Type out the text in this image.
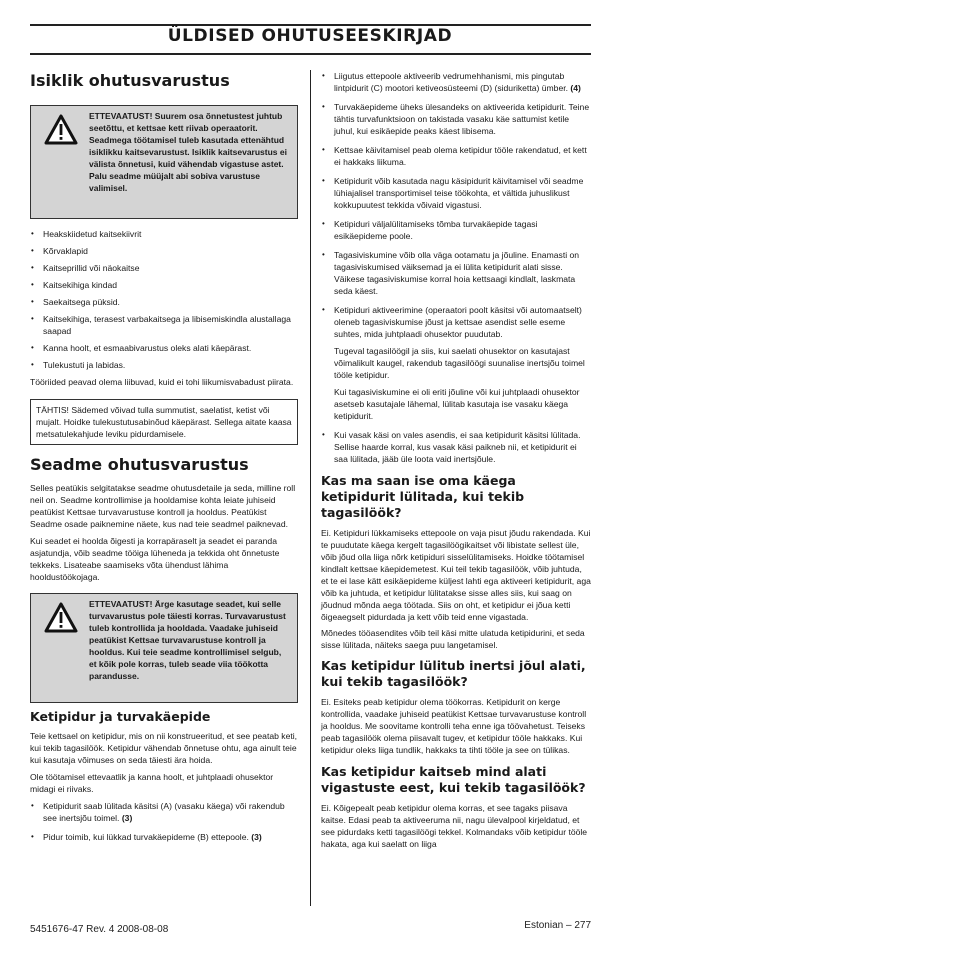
ÜLDISED OHUTUSEESKIRJAD
Isiklik ohutusvarustus
ETTEVAATUST! Suurem osa õnnetustest juhtub seetõttu, et kettsae kett riivab operaatorit. Seadmega töötamisel tuleb kasutada ettenähtud isiklikku kaitsevarustust. Isiklik kaitsevarustus ei välista õnnetusi, kuid vähendab vigastuse astet. Palu seadme müüjalt abi sobiva varustuse valimisel.
• Heakskiidetud kaitsekiivrit
• Kõrvaklapid
• Kaitseprillid või näokaitse
• Kaitsekihiga kindad
• Saekaitsega püksid.
• Kaitsekihiga, terasest varbakaitsega ja libisemiskindla alustallaga saapad
• Kanna hoolt, et esmaabivarustus oleks alati käepärast.
• Tulekustuti ja labidas.

Tööriided peavad olema liibuvad, kuid ei tohi liikumisvabadust piirata.

TÄHTIS! Sädemed võivad tulla summutist, saelatist, ketist või mujalt. Hoidke tulekustutusabinõud käepärast. Sellega aitate kaasa metsatulekahjude leviku pidurdamisele.
Seadme ohutusvarustus

Selles peatükis selgitatakse seadme ohutusdetaile ja seda, milline roll neil on. Seadme kontrollimise ja hooldamise kohta leiate juhiseid peatükist Kettsae turvavarustuse kontroll ja hooldus. Peatükist Seadme osade paiknemine näete, kus nad teie seadmel paiknevad.

Kui seadet ei hoolda õigesti ja korrapäraselt ja seadet ei paranda asjatundja, võib seadme tööiga lüheneda ja tekkida oht õnnetuste tekkeks. Lisateabe saamiseks võta ühendust lähima hooldustöökojaga.

ETTEVAATUST! Ärge kasutage seadet, kui selle turvavarustus pole täiesti korras. Turvavarustust tuleb kontrollida ja hooldada. Vaadake juhiseid peatükist Kettsae turvavarustuse kontroll ja hooldus. Kui teie seadme kontrollimisel selgub, et kõik pole korras, tuleb seade viia töökotta parandusse.
Ketipidur ja turvakäepide

Teie kettsael on ketipidur, mis on nii konstrueeritud, et see peatab keti, kui tekib tagasilöök. Ketipidur vähendab õnnetuse ohtu, aga ainult teie kui kasutaja võimuses on seda täiesti ära hoida.

Ole töötamisel ettevaatlik ja kanna hoolt, et juhtplaadi ohusektor midagi ei riivaks.

• Ketipidurit saab lülitada käsitsi (A) (vasaku käega) või rakendub see inertsjõu toimel. (3)
• Pidur toimib, kui lükkad turvakäepideme (B) ettepoole. (3)
• Liigutus ettepoole aktiveerib vedrumehhanismi, mis pingutab lintpidurit (C) mootori ketiveosüsteemi (D) (siduriketta) ümber. (4)
• Turvakäepideme üheks ülesandeks on aktiveerida ketipidurit. Teine tähtis turvafunktsioon on takistada vasaku käe sattumist ketile juhul, kui esikäepide peaks käest libisema.
• Kettsae käivitamisel peab olema ketipidur tööle rakendatud, et kett ei hakkaks liikuma.
• Ketipidurit võib kasutada nagu käsipidurit käivitamisel või seadme lühiajalisel transportimisel teise töökohta, et vältida juhuslikust kokkupuutest tekkida võivaid vigastusi.
• Ketipiduri väljalülitamiseks tõmba turvakäepide tagasi esikäepideme poole.
• Tagasiviskumine võib olla väga ootamatu ja jõuline. Enamasti on tagasiviskumised väiksemad ja ei lülita ketipidurit alati sisse. Väikese tagasiviskumise korral hoia kettsaagi kindlalt, laskmata seda käest.
• Ketipiduri aktiveerimine (operaatori poolt käsitsi või automaatselt) oleneb tagasiviskumise jõust ja kettsae asendist selle eseme suhtes, mida juhtplaadi ohusektor puudutab.

Tugeval tagasilöögil ja siis, kui saelati ohusektor on kasutajast võimalikult kaugel, rakendub tagasilöögi suunalise inertsjõu toimel tööle ketipidur.

Kui tagasiviskumine ei oli eriti jõuline või kui juhtplaadi ohusektor asetseb kasutajale lähemal, lülitab kasutaja ise vasaku käega ketipidurit.

• Kui vasak käsi on vales asendis, ei saa ketipidurit käsitsi lülitada. Sellise haarde korral, kus vasak käsi paikneb nii, et ketipidurit ei saa lülitada, jääb üle loota vaid inertsjõule.
Kas ma saan ise oma käega ketipidurit lülitada, kui tekib tagasilöök?

Ei. Ketipiduri lükkamiseks ettepoole on vaja pisut jõudu rakendada. Kui te puudutate käega kergelt tagasilöögikaitset või libistate sellest üle, võib jõud olla liiga nõrk ketipiduri sisselülitamiseks. Hoidke töötamisel kindlalt kettsae käepidemetest. Kui teil tekib tagasilöök, võib juhtuda, et te ei lase kätt esikäepideme küljest lahti ega aktiveeri ketipidurit, aga võib ka juhtuda, et ketipidur lülitatakse sisse alles siis, kui saag on jõudnud mõnda aega töötada. Siis on oht, et ketipidur ei jõua ketti õigeaegselt pidurdada ja kett võib teid enne vigastada.

Mõnedes tööasendites võib teil käsi mitte ulatuda ketipidurini, et seda sisse lülitada, näiteks saega puu langetamisel.

Kas ketipidur lülitub inertsi jõul alati, kui tekib tagasilöök?

Ei. Esiteks peab ketipidur olema töökorras. Ketipidurit on kerge kontrollida, vaadake juhiseid peatükist Kettsae turvavarustuse kontroll ja hooldus. Me soovitame kontrolli teha enne iga töövahetust. Teiseks peab tagasilöök olema piisavalt tugev, et ketipidur tööle hakkaks. Kui ketipidur oleks liiga tundlik, hakkaks ta tihti tööle ja see on tülikas.

Kas ketipidur kaitseb mind alati vigastuste eest, kui tekib tagasilöök?

Ei. Kõigepealt peab ketipidur olema korras, et see tagaks piisava kaitse. Edasi peab ta aktiveeruma nii, nagu ülevalpool kirjeldatud, et see pidurdaks ketti tagasilöögi tekkel. Kolmandaks võib ketipidur tööle hakata, aga kui saelatt on liiga

5451676-47 Rev. 4 2008-08-08	Estonian – 277
